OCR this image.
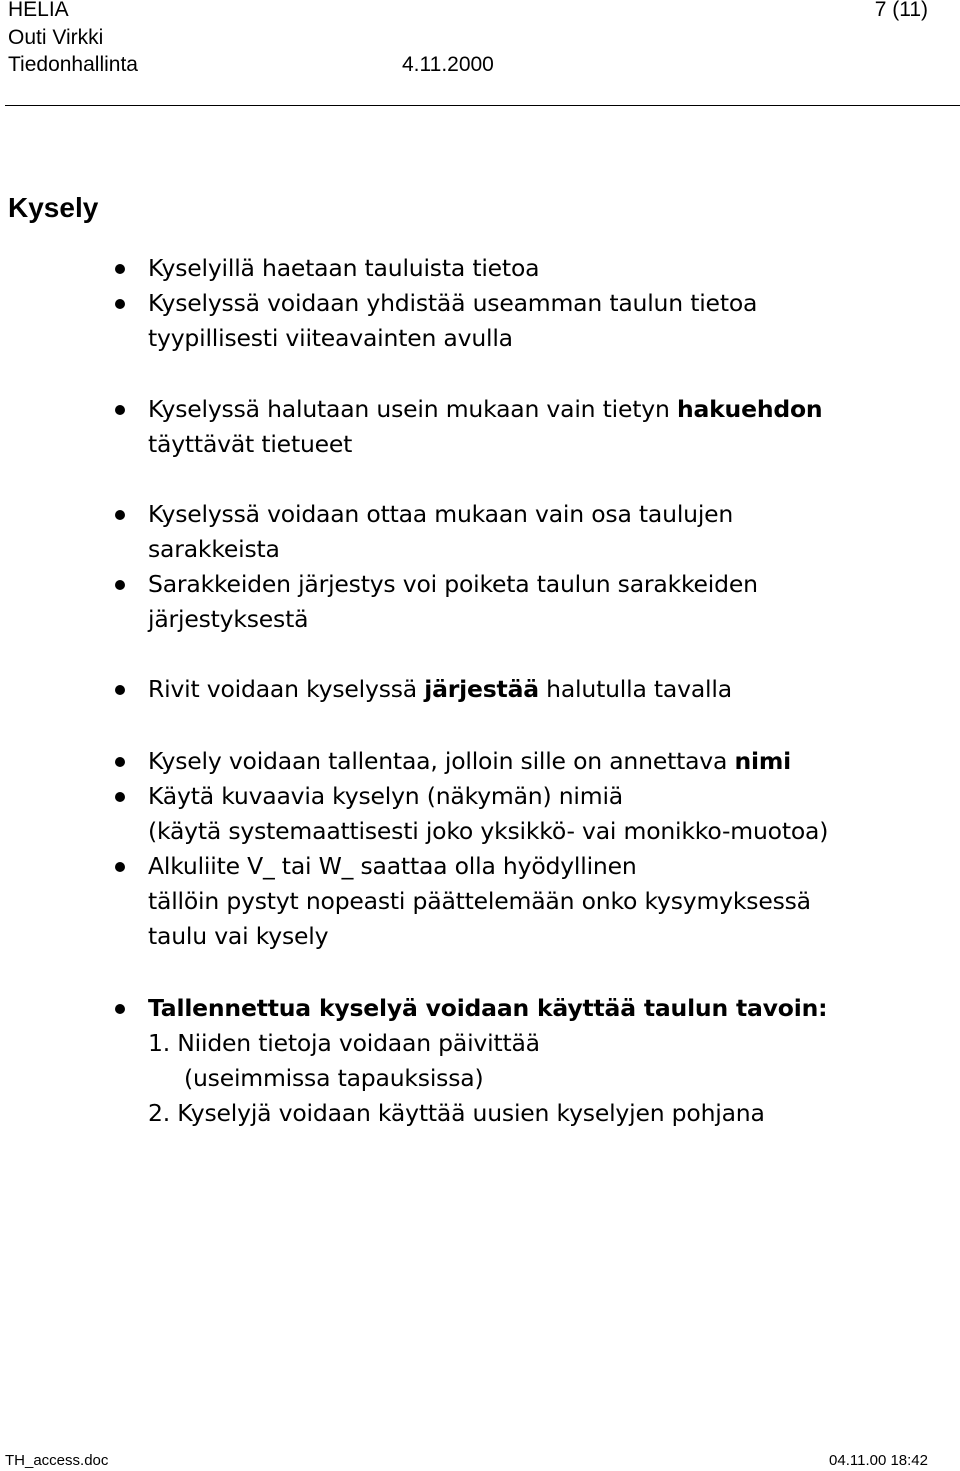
HELIA
Outi Virkki
Tiedonhallinta	4.11.2000
7 (11)
Kysely
Kyselyillä haetaan tauluista tietoa
Kyselyssä voidaan yhdistää useamman taulun tietoa
tyypillisesti viiteavainten avulla
Kyselyssä halutaan usein mukaan vain tietyn hakuehdon
täyttävät tietueet
Kyselyssä voidaan ottaa mukaan vain osa taulujen
sarakkeista
Sarakkeiden järjestys voi poiketa taulun sarakkeiden
järjestyksestä
Rivit voidaan kyselyssä järjestää halutulla tavalla
Kysely voidaan tallentaa, jolloin sille on annettava nimi
Käytä kuvaavia kyselyn (näkymän) nimiä
(käytä systemaattisesti joko yksikkö- vai monikko-muotoa)
Alkuliite V_ tai W_ saattaa olla hyödyllinen
tällöin pystyt nopeasti päättelemään onko kysymyksessä
taulu vai kysely
Tallennettua kyselyä voidaan käyttää taulun tavoin:
1. Niiden tietoja voidaan päivittää
(useimmissa tapauksissa)
2. Kyselyjä voidaan käyttää uusien kyselyjen pohjana
TH_access.doc	04.11.00 18:42
